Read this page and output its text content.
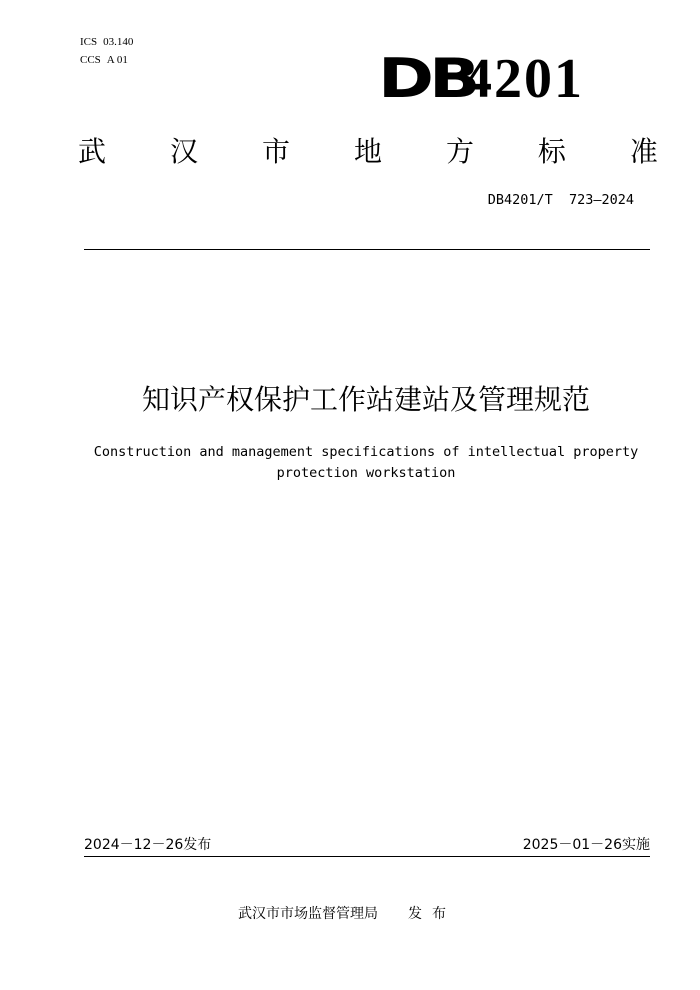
ICS 03.140
CCS A 01	DB
4201
武 汉 市 地 方 标 准
DB4201/T  723—2024
知识产权保护工作站建站及管理规范
Construction and management specifications of intellectual property
protection workstation
2024－12－26发布	2025－01－26实施
武汉市市场监督管理局 发布
